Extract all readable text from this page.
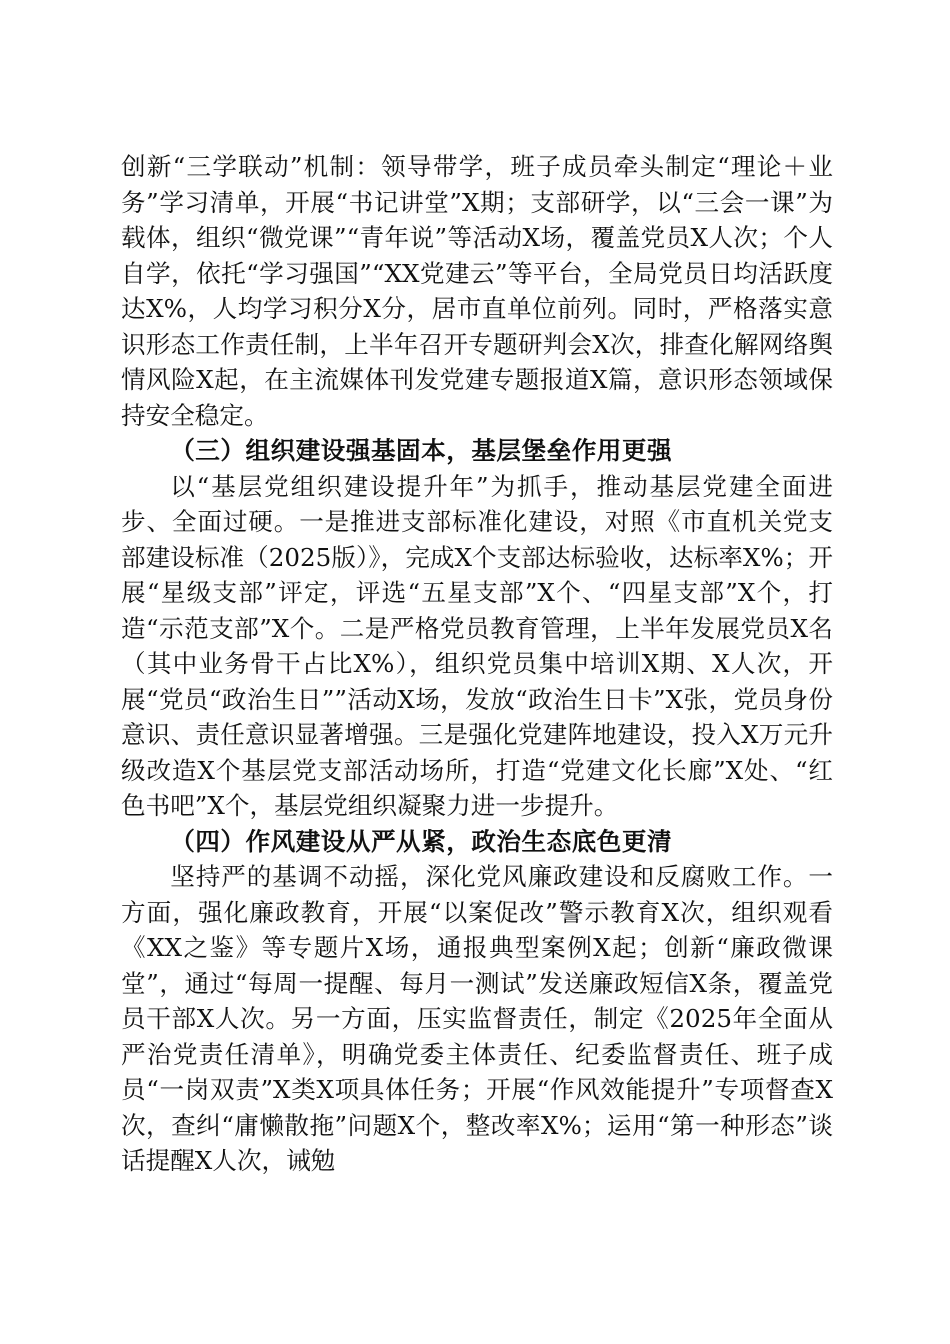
创新“三学联动”机制：领导带学，班子成员牵头制定“理论＋业务”学习清单，开展“书记讲堂”X期；支部研学，以“三会一课”为载体，组织“微党课”“青年说”等活动X场，覆盖党员X人次；个人自学，依托“学习强国”“XX党建云”等平台，全局党员日均活跃度达X%，人均学习积分X分，居市直单位前列。同时，严格落实意识形态工作责任制，上半年召开专题研判会X次，排查化解网络舆情风险X起，在主流媒体刊发党建专题报道X篇，意识形态领域保持安全稳定。

（三）组织建设强基固本，基层堡垒作用更强

以“基层党组织建设提升年”为抓手，推动基层党建全面进步、全面过硬。一是推进支部标准化建设，对照《市直机关党支部建设标准（2025版）》，完成X个支部达标验收，达标率X%；开展“星级支部”评定，评选“五星支部”X个、“四星支部”X个，打造“示范支部”X个。二是严格党员教育管理，上半年发展党员X名（其中业务骨干占比X%），组织党员集中培训X期、X人次，开展“党员“政治生日””活动X场，发放“政治生日卡”X张，党员身份意识、责任意识显著增强。三是强化党建阵地建设，投入X万元升级改造X个基层党支部活动场所，打造“党建文化长廊”X处、“红色书吧”X个，基层党组织凝聚力进一步提升。

（四）作风建设从严从紧，政治生态底色更清

坚持严的基调不动摇，深化党风廉政建设和反腐败工作。一方面，强化廉政教育，开展“以案促改”警示教育X次，组织观看《XX之鉴》等专题片X场，通报典型案例X起；创新“廉政微课堂”，通过“每周一提醒、每月一测试”发送廉政短信X条，覆盖党员干部X人次。另一方面，压实监督责任，制定《2025年全面从严治党责任清单》，明确党委主体责任、纪委监督责任、班子成员“一岗双责”X类X项具体任务；开展“作风效能提升”专项督查X次，查纠“庸懒散拖”问题X个，整改率X%；运用“第一种形态”谈话提醒X人次，诫勉
